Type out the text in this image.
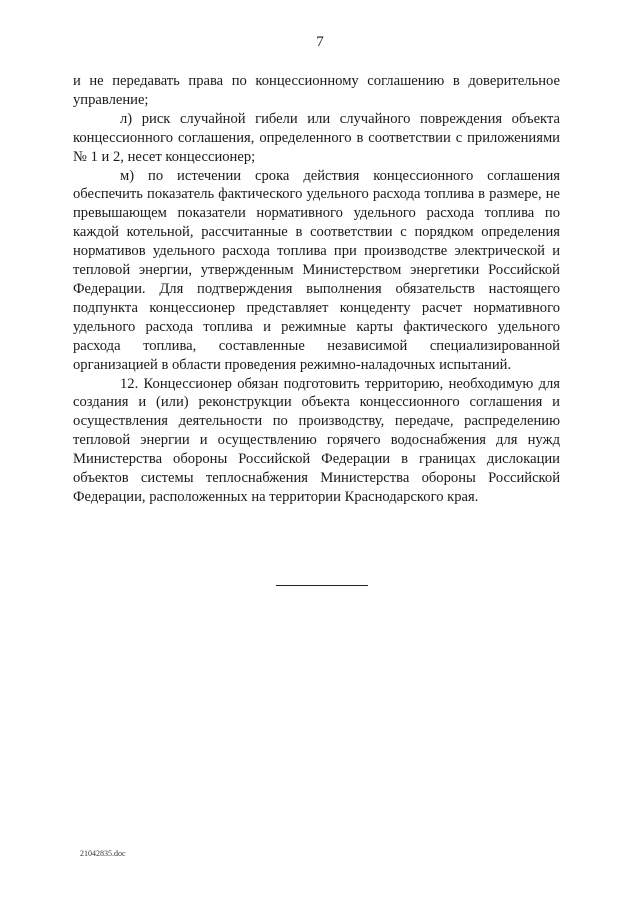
7

и не передавать права по концессионному соглашению в доверительное управление;

л) риск случайной гибели или случайного повреждения объекта концессионного соглашения, определенного в соответствии с приложениями № 1 и 2, несет концессионер;

м) по истечении срока действия концессионного соглашения обеспечить показатель фактического удельного расхода топлива в размере, не превышающем показатели нормативного удельного расхода топлива по каждой котельной, рассчитанные в соответствии с порядком определения нормативов удельного расхода топлива при производстве электрической и тепловой энергии, утвержденным Министерством энергетики Российской Федерации. Для подтверждения выполнения обязательств настоящего подпункта концессионер представляет концеденту расчет нормативного удельного расхода топлива и режимные карты фактического удельного расхода топлива, составленные независимой специализированной организацией в области проведения режимно-наладочных испытаний.

12. Концессионер обязан подготовить территорию, необходимую для создания и (или) реконструкции объекта концессионного соглашения и осуществления деятельности по производству, передаче, распределению тепловой энергии и осуществлению горячего водоснабжения для нужд Министерства обороны Российской Федерации в границах дислокации объектов системы теплоснабжения Министерства обороны Российской Федерации, расположенных на территории Краснодарского края.

21042835.doc
